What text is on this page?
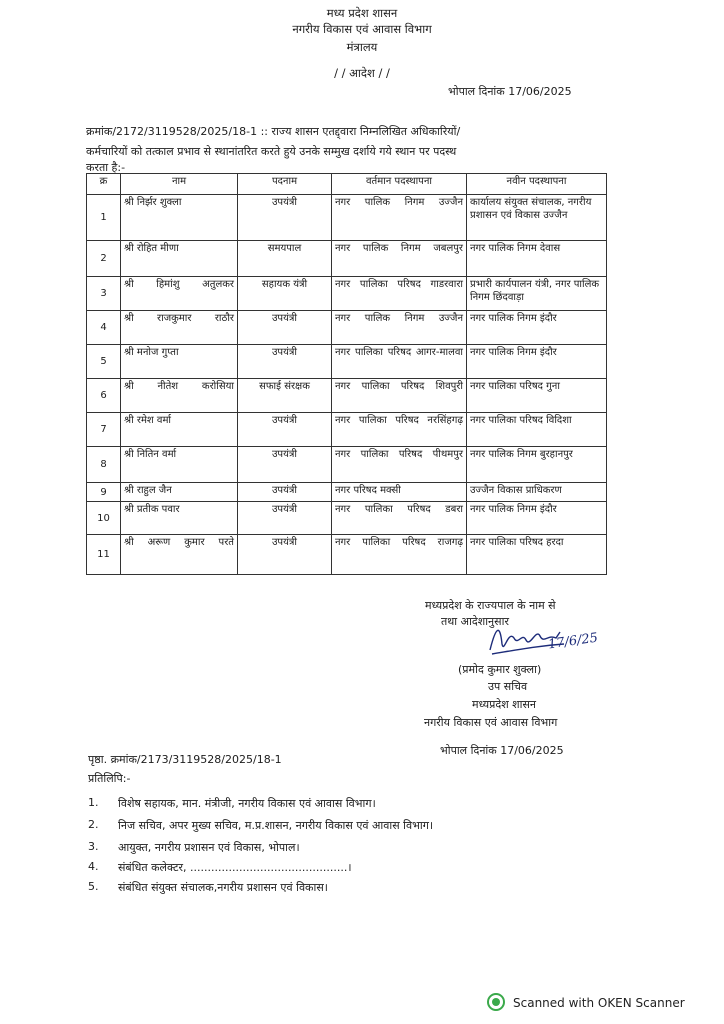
मध्य प्रदेश शासन
नगरीय विकास एवं आवास विभाग
मंत्रालय
/ / आदेश / /
भोपाल दिनांक 17/06/2025
क्रमांक/2172/3119528/2025/18-1 :: राज्य शासन एतद्द्वारा निम्नलिखित अधिकारियों/
कर्मचारियों को तत्काल प्रभाव से स्थानांतरित करते हुये उनके सम्मुख दर्शाये गये स्थान पर पदस्थ
करता है:-
क्र	नाम	पदनाम	वर्तमान पदस्थापना	नवीन पदस्थापना
1	श्री निर्झर शुक्ला	उपयंत्री	नगर पालिक निगम उज्जैन	कार्यालय संयुक्त संचालक, नगरीय प्रशासन एवं विकास उज्जैन
2	श्री रोहित मीणा	समयपाल	नगर पालिक निगम जबलपुर	नगर पालिक निगम देवास
3	श्री हिमांशु अतुलकर	सहायक यंत्री	नगर पालिका परिषद गाडरवारा	प्रभारी कार्यपालन यंत्री, नगर पालिक निगम छिंदवाड़ा
4	श्री राजकुमार राठौर	उपयंत्री	नगर पालिक निगम उज्जैन	नगर पालिक निगम इंदौर
5	श्री मनोज गुप्ता	उपयंत्री	नगर पालिका परिषद आगर-मालवा	नगर पालिक निगम इंदौर
6	श्री नीतेश करोसिया	सफाई संरक्षक	नगर पालिका परिषद शिवपुरी	नगर पालिका परिषद गुना
7	श्री रमेश वर्मा	उपयंत्री	नगर पालिका परिषद नरसिंहगढ़	नगर पालिका परिषद विदिशा
8	श्री नितिन वर्मा	उपयंत्री	नगर पालिका परिषद पीथमपुर	नगर पालिक निगम बुरहानपुर
9	श्री राहुल जैन	उपयंत्री	नगर परिषद मक्सी	उज्जैन विकास प्राधिकरण
10	श्री प्रतीक पवार	उपयंत्री	नगर पालिका परिषद डबरा	नगर पालिक निगम इंदौर
11	श्री अरूण कुमार परते	उपयंत्री	नगर पालिका परिषद राजगढ़	नगर पालिका परिषद हरदा
मध्यप्रदेश के राज्यपाल के नाम से
तथा आदेशानुसार
17/6/25
(प्रमोद कुमार शुक्ला)
उप सचिव
मध्यप्रदेश शासन
नगरीय विकास एवं आवास विभाग
पृष्ठा. क्रमांक/2173/3119528/2025/18-1
भोपाल दिनांक 17/06/2025
प्रतिलिपि:-
1.	विशेष सहायक, मान. मंत्रीजी, नगरीय विकास एवं आवास विभाग।
2.	निज सचिव, अपर मुख्य सचिव, म.प्र.शासन, नगरीय विकास एवं आवास विभाग।
3.	आयुक्त, नगरीय प्रशासन एवं विकास, भोपाल।
4.	संबंधित कलेक्टर, .............................................।
5.	संबंधित संयुक्त संचालक,नगरीय प्रशासन एवं विकास।
Scanned with OKEN Scanner
